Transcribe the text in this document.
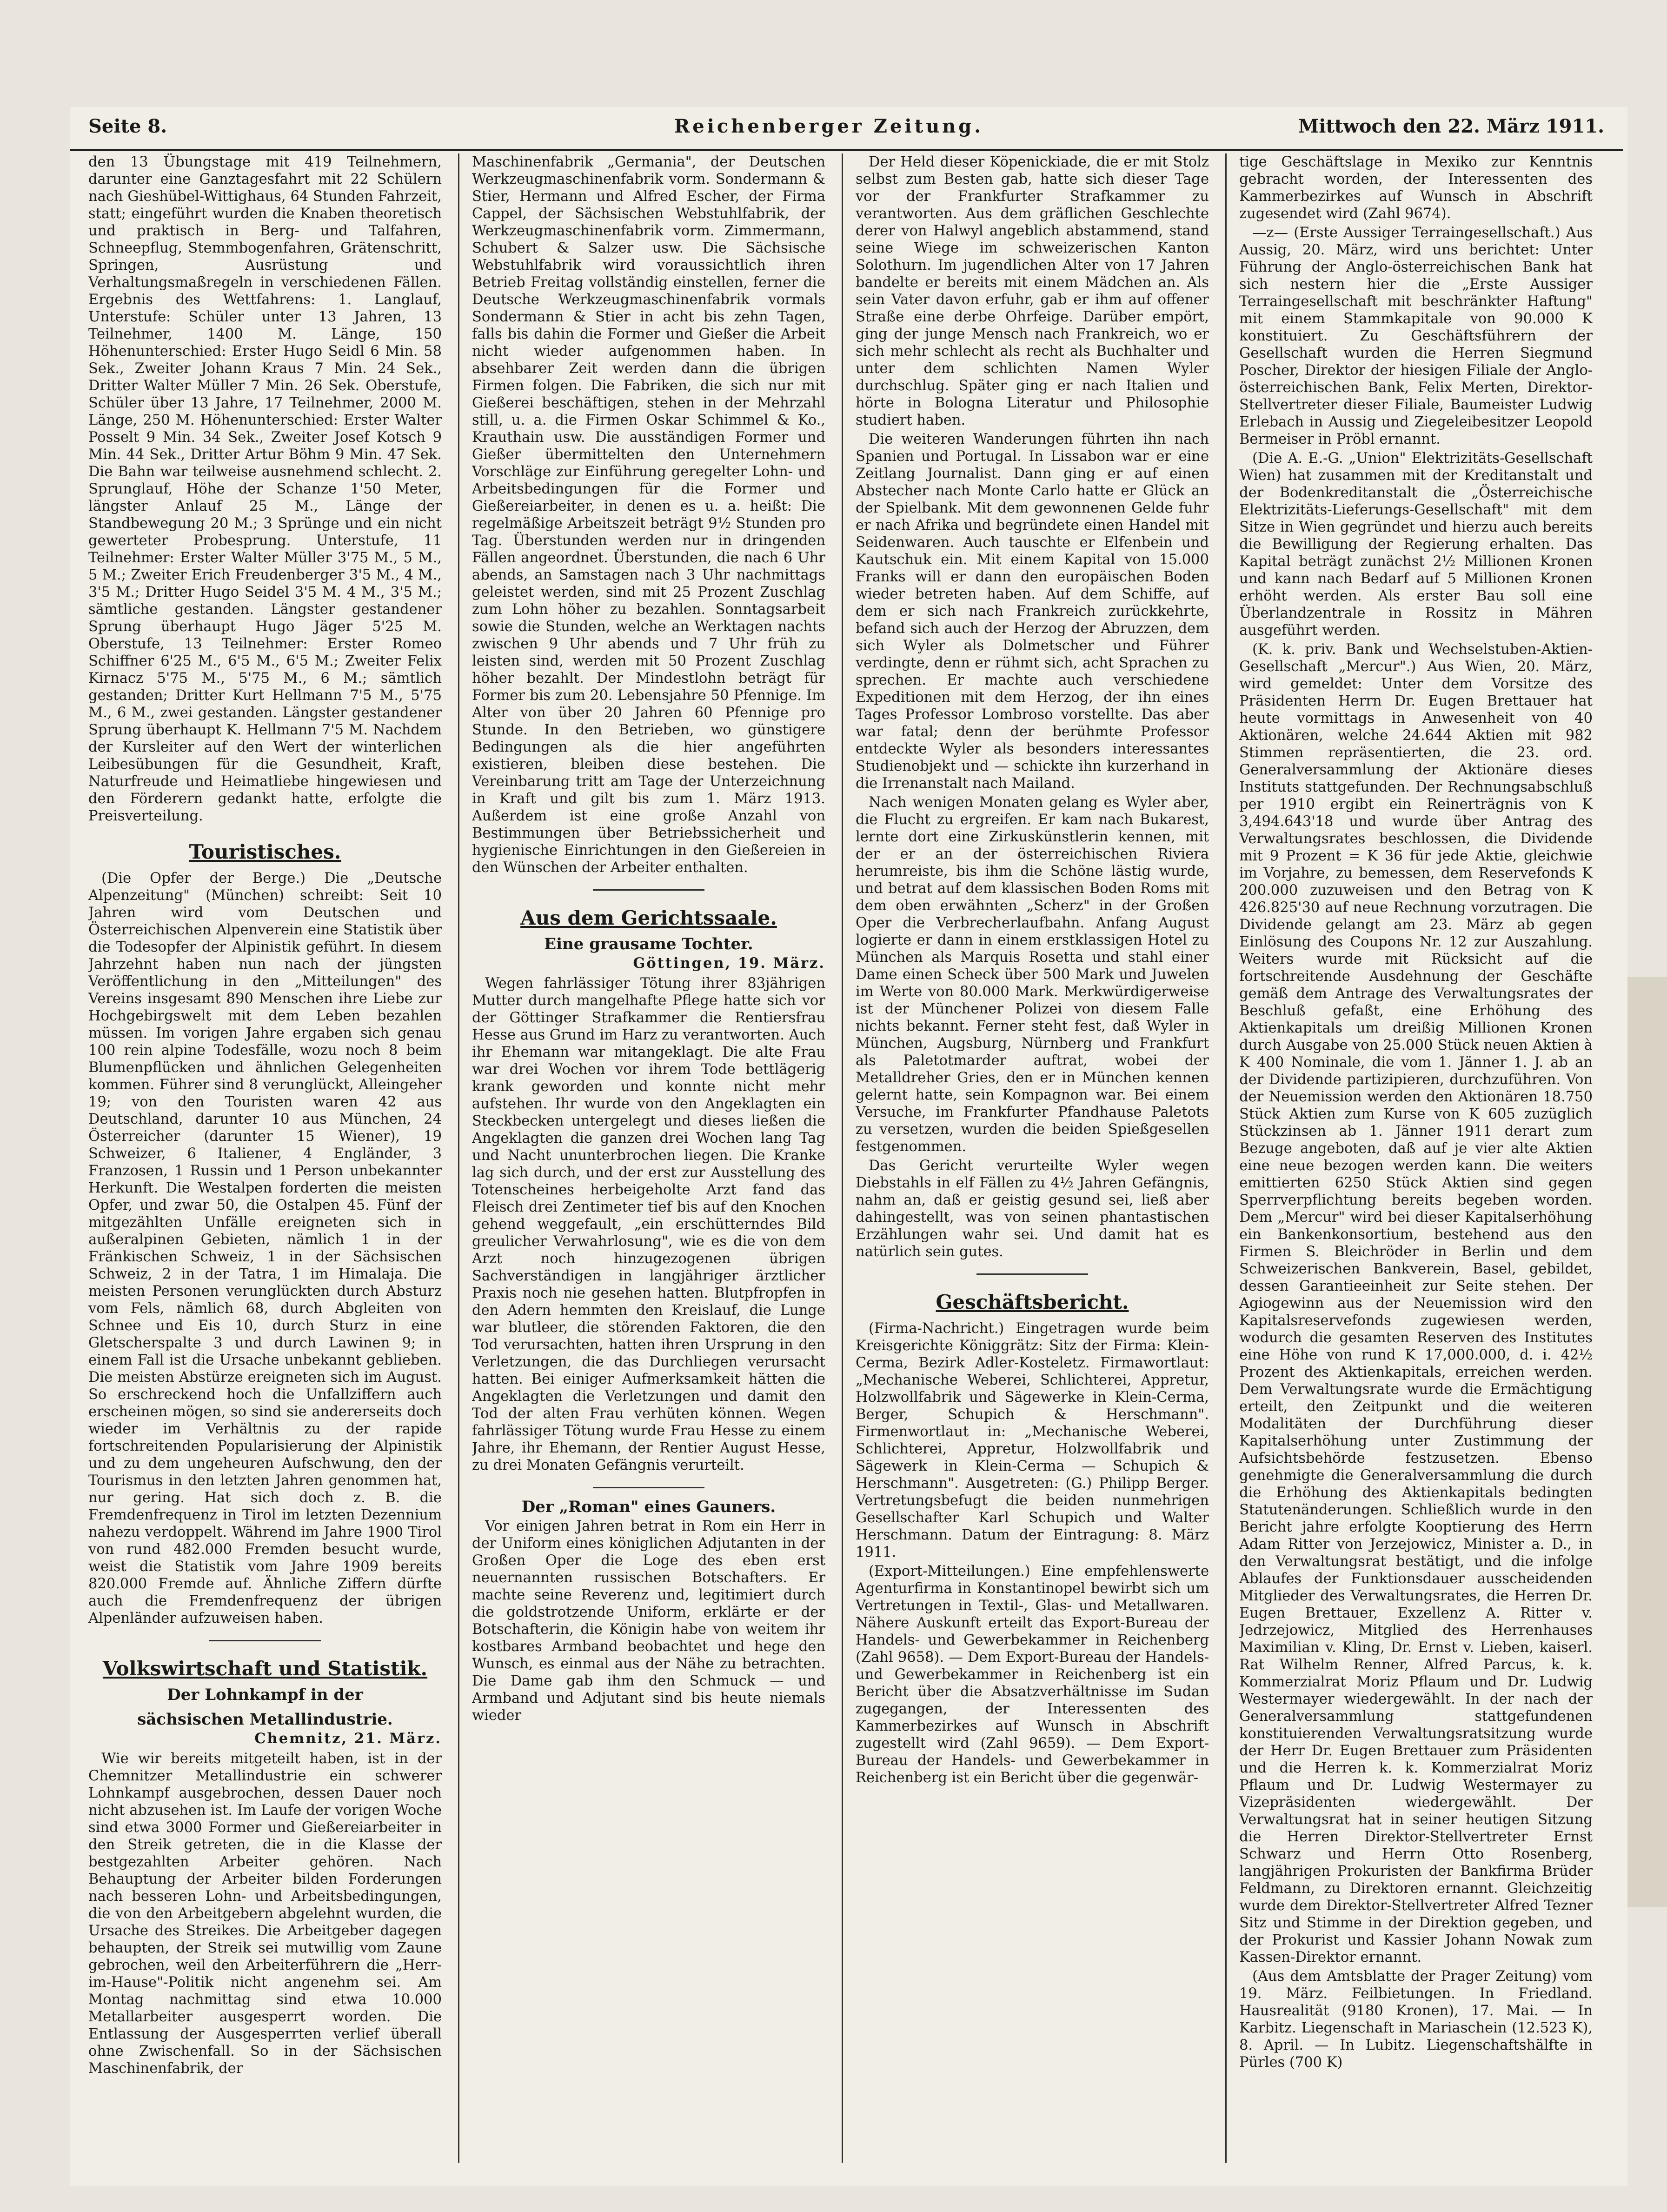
Seite 8.	Reichenberger Zeitung.	Mittwoch den 22. März 1911.

den 13 Übungstage mit 419 Teilnehmern, darunter eine Ganztagesfahrt mit 22 Schülern nach Gieshübel-Wittighaus, 64 Stunden Fahrzeit, statt; eingeführt wurden die Knaben theoretisch und praktisch in Berg- und Talfahren, Schneepflug, Stemmbogenfahren, Grätenschritt, Springen, Ausrüstung und Verhaltungsmaßregeln in verschiedenen Fällen. Ergebnis des Wettfahrens: 1. Langlauf, Unterstufe: Schüler unter 13 Jahren, 13 Teilnehmer, 1400 M. Länge, 150 Höhenunterschied: Erster Hugo Seidl 6 Min. 58 Sek., Zweiter Johann Kraus 7 Min. 24 Sek., Dritter Walter Müller 7 Min. 26 Sek. Oberstufe, Schüler über 13 Jahre, 17 Teilnehmer, 2000 M. Länge, 250 M. Höhenunterschied: Erster Walter Posselt 9 Min. 34 Sek., Zweiter Josef Kotsch 9 Min. 44 Sek., Dritter Artur Böhm 9 Min. 47 Sek. Die Bahn war teilweise ausnehmend schlecht. 2. Sprunglauf, Höhe der Schanze 1'50 Meter, längster Anlauf 25 M., Länge der Standbewegung 20 M.; 3 Sprünge und ein nicht gewerteter Probesprung. Unterstufe, 11 Teilnehmer: Erster Walter Müller 3'75 M., 5 M., 5 M.; Zweiter Erich Freudenberger 3'5 M., 4 M., 3'5 M.; Dritter Hugo Seidel 3'5 M. 4 M., 3'5 M.; sämtliche gestanden. Längster gestandener Sprung überhaupt Hugo Jäger 5'25 M. Oberstufe, 13 Teilnehmer: Erster Romeo Schiffner 6'25 M., 6'5 M., 6'5 M.; Zweiter Felix Kirnacz 5'75 M., 5'75 M., 6 M.; sämtlich gestanden; Dritter Kurt Hellmann 7'5 M., 5'75 M., 6 M., zwei gestanden. Längster gestandener Sprung überhaupt K. Hellmann 7'5 M. Nachdem der Kursleiter auf den Wert der winterlichen Leibesübungen für die Gesundheit, Kraft, Naturfreude und Heimatliebe hingewiesen und den Förderern gedankt hatte, erfolgte die Preisverteilung.

Touristisches.

(Die Opfer der Berge.) Die „Deutsche Alpenzeitung" (München) schreibt: Seit 10 Jahren wird vom Deutschen und Österreichischen Alpenverein eine Statistik über die Todesopfer der Alpinistik geführt. In diesem Jahrzehnt haben nun nach der jüngsten Veröffentlichung in den „Mitteilungen" des Vereins insgesamt 890 Menschen ihre Liebe zur Hochgebirgswelt mit dem Leben bezahlen müssen. Im vorigen Jahre ergaben sich genau 100 rein alpine Todesfälle, wozu noch 8 beim Blumenpflücken und ähnlichen Gelegenheiten kommen. Führer sind 8 verunglückt, Alleingeher 19; von den Touristen waren 42 aus Deutschland, darunter 10 aus München, 24 Österreicher (darunter 15 Wiener), 19 Schweizer, 6 Italiener, 4 Engländer, 3 Franzosen, 1 Russin und 1 Person unbekannter Herkunft. Die Westalpen forderten die meisten Opfer, und zwar 50, die Ostalpen 45. Fünf der mitgezählten Unfälle ereigneten sich in außeralpinen Gebieten, nämlich 1 in der Fränkischen Schweiz, 1 in der Sächsischen Schweiz, 2 in der Tatra, 1 im Himalaja. Die meisten Personen verunglückten durch Absturz vom Fels, nämlich 68, durch Abgleiten von Schnee und Eis 10, durch Sturz in eine Gletscherspalte 3 und durch Lawinen 9; in einem Fall ist die Ursache unbekannt geblieben. Die meisten Abstürze ereigneten sich im August. So erschreckend hoch die Unfallziffern auch erscheinen mögen, so sind sie andererseits doch wieder im Verhältnis zu der rapide fortschreitenden Popularisierung der Alpinistik und zu dem ungeheuren Aufschwung, den der Tourismus in den letzten Jahren genommen hat, nur gering. Hat sich doch z. B. die Fremdenfrequenz in Tirol im letzten Dezennium nahezu verdoppelt. Während im Jahre 1900 Tirol von rund 482.000 Fremden besucht wurde, weist die Statistik vom Jahre 1909 bereits 820.000 Fremde auf. Ähnliche Ziffern dürfte auch die Fremdenfrequenz der übrigen Alpenländer aufzuweisen haben.

Volkswirtschaft und Statistik.
Der Lohnkampf in der
sächsischen Metallindustrie.
Chemnitz, 21. März.

Wie wir bereits mitgeteilt haben, ist in der Chemnitzer Metallindustrie ein schwerer Lohnkampf ausgebrochen, dessen Dauer noch nicht abzusehen ist. Im Laufe der vorigen Woche sind etwa 3000 Former und Gießereiarbeiter in den Streik getreten, die in die Klasse der bestgezahlten Arbeiter gehören. Nach Behauptung der Arbeiter bilden Forderungen nach besseren Lohn- und Arbeitsbedingungen, die von den Arbeitgebern abgelehnt wurden, die Ursache des Streikes. Die Arbeitgeber dagegen behaupten, der Streik sei mutwillig vom Zaune gebrochen, weil den Arbeiterführern die „Herr-im-Hause"-Politik nicht angenehm sei. Am Montag nachmittag sind etwa 10.000 Metallarbeiter ausgesperrt worden. Die Entlassung der Ausgesperrten verlief überall ohne Zwischenfall. So in der Sächsischen Maschinenfabrik, der

Maschinenfabrik „Germania", der Deutschen Werkzeugmaschinenfabrik vorm. Sondermann & Stier, Hermann und Alfred Escher, der Firma Cappel, der Sächsischen Webstuhlfabrik, der Werkzeugmaschinenfabrik vorm. Zimmermann, Schubert & Salzer usw. Die Sächsische Webstuhlfabrik wird voraussichtlich ihren Betrieb Freitag vollständig einstellen, ferner die Deutsche Werkzeugmaschinenfabrik vormals Sondermann & Stier in acht bis zehn Tagen, falls bis dahin die Former und Gießer die Arbeit nicht wieder aufgenommen haben. In absehbarer Zeit werden dann die übrigen Firmen folgen. Die Fabriken, die sich nur mit Gießerei beschäftigen, stehen in der Mehrzahl still, u. a. die Firmen Oskar Schimmel & Ko., Krauthain usw. Die ausständigen Former und Gießer übermittelten den Unternehmern Vorschläge zur Einführung geregelter Lohn- und Arbeitsbedingungen für die Former und Gießereiarbeiter, in denen es u. a. heißt: Die regelmäßige Arbeitszeit beträgt 9½ Stunden pro Tag. Überstunden werden nur in dringenden Fällen angeordnet. Überstunden, die nach 6 Uhr abends, an Samstagen nach 3 Uhr nachmittags geleistet werden, sind mit 25 Prozent Zuschlag zum Lohn höher zu bezahlen. Sonntagsarbeit sowie die Stunden, welche an Werktagen nachts zwischen 9 Uhr abends und 7 Uhr früh zu leisten sind, werden mit 50 Prozent Zuschlag höher bezahlt. Der Mindestlohn beträgt für Former bis zum 20. Lebensjahre 50 Pfennige. Im Alter von über 20 Jahren 60 Pfennige pro Stunde. In den Betrieben, wo günstigere Bedingungen als die hier angeführten existieren, bleiben diese bestehen. Die Vereinbarung tritt am Tage der Unterzeichnung in Kraft und gilt bis zum 1. März 1913. Außerdem ist eine große Anzahl von Bestimmungen über Betriebssicherheit und hygienische Einrichtungen in den Gießereien in den Wünschen der Arbeiter enthalten.

Aus dem Gerichtssaale.
Eine grausame Tochter.
Göttingen, 19. März.

Wegen fahrlässiger Tötung ihrer 83jährigen Mutter durch mangelhafte Pflege hatte sich vor der Göttinger Strafkammer die Rentiersfrau Hesse aus Grund im Harz zu verantworten. Auch ihr Ehemann war mitangeklagt. Die alte Frau war drei Wochen vor ihrem Tode bettlägerig krank geworden und konnte nicht mehr aufstehen. Ihr wurde von den Angeklagten ein Steckbecken untergelegt und dieses ließen die Angeklagten die ganzen drei Wochen lang Tag und Nacht ununterbrochen liegen. Die Kranke lag sich durch, und der erst zur Ausstellung des Totenscheines herbeigeholte Arzt fand das Fleisch drei Zentimeter tief bis auf den Knochen gehend weggefault, „ein erschütterndes Bild greulicher Verwahrlosung", wie es die von dem Arzt noch hinzugezogenen übrigen Sachverständigen in langjähriger ärztlicher Praxis noch nie gesehen hatten. Blutpfropfen in den Adern hemmten den Kreislauf, die Lunge war blutleer, die störenden Faktoren, die den Tod verursachten, hatten ihren Ursprung in den Verletzungen, die das Durchliegen verursacht hatten. Bei einiger Aufmerksamkeit hätten die Angeklagten die Verletzungen und damit den Tod der alten Frau verhüten können. Wegen fahrlässiger Tötung wurde Frau Hesse zu einem Jahre, ihr Ehemann, der Rentier August Hesse, zu drei Monaten Gefängnis verurteilt.

Der „Roman" eines Gauners.

Vor einigen Jahren betrat in Rom ein Herr in der Uniform eines königlichen Adjutanten in der Großen Oper die Loge des eben erst neuernannten russischen Botschafters. Er machte seine Reverenz und, legitimiert durch die goldstrotzende Uniform, erklärte er der Botschafterin, die Königin habe von weitem ihr kostbares Armband beobachtet und hege den Wunsch, es einmal aus der Nähe zu betrachten. Die Dame gab ihm den Schmuck — und Armband und Adjutant sind bis heute niemals wieder

Der Held dieser Köpenickiade, die er mit Stolz selbst zum Besten gab, hatte sich dieser Tage vor der Frankfurter Strafkammer zu verantworten. Aus dem gräflichen Geschlechte derer von Halwyl angeblich abstammend, stand seine Wiege im schweizerischen Kanton Solothurn. Im jugendlichen Alter von 17 Jahren bandelte er bereits mit einem Mädchen an. Als sein Vater davon erfuhr, gab er ihm auf offener Straße eine derbe Ohrfeige. Darüber empört, ging der junge Mensch nach Frankreich, wo er sich mehr schlecht als recht als Buchhalter und unter dem schlichten Namen Wyler durchschlug. Später ging er nach Italien und hörte in Bologna Literatur und Philosophie studiert haben.

Die weiteren Wanderungen führten ihn nach Spanien und Portugal. In Lissabon war er eine Zeitlang Journalist. Dann ging er auf einen Abstecher nach Monte Carlo hatte er Glück an der Spielbank. Mit dem gewonnenen Gelde fuhr er nach Afrika und begründete einen Handel mit Seidenwaren. Auch tauschte er Elfenbein und Kautschuk ein. Mit einem Kapital von 15.000 Franks will er dann den europäischen Boden wieder betreten haben. Auf dem Schiffe, auf dem er sich nach Frankreich zurückkehrte, befand sich auch der Herzog der Abruzzen, dem sich Wyler als Dolmetscher und Führer verdingte, denn er rühmt sich, acht Sprachen zu sprechen. Er machte auch verschiedene Expeditionen mit dem Herzog, der ihn eines Tages Professor Lombroso vorstellte. Das aber war fatal; denn der berühmte Professor entdeckte Wyler als besonders interessantes Studienobjekt und — schickte ihn kurzerhand in die Irrenanstalt nach Mailand.

Nach wenigen Monaten gelang es Wyler aber, die Flucht zu ergreifen. Er kam nach Bukarest, lernte dort eine Zirkuskünstlerin kennen, mit der er an der österreichischen Riviera herumreiste, bis ihm die Schöne lästig wurde, und betrat auf dem klassischen Boden Roms mit dem oben erwähnten „Scherz" in der Großen Oper die Verbrecherlaufbahn. Anfang August logierte er dann in einem erstklassigen Hotel zu München als Marquis Rosetta und stahl einer Dame einen Scheck über 500 Mark und Juwelen im Werte von 80.000 Mark. Merkwürdigerweise ist der Münchener Polizei von diesem Falle nichts bekannt. Ferner steht fest, daß Wyler in München, Augsburg, Nürnberg und Frankfurt als Paletotmarder auftrat, wobei der Metalldreher Gries, den er in München kennen gelernt hatte, sein Kompagnon war. Bei einem Versuche, im Frankfurter Pfandhause Paletots zu versetzen, wurden die beiden Spießgesellen festgenommen.

Das Gericht verurteilte Wyler wegen Diebstahls in elf Fällen zu 4½ Jahren Gefängnis, nahm an, daß er geistig gesund sei, ließ aber dahingestellt, was von seinen phantastischen Erzählungen wahr sei. Und damit hat es natürlich sein gutes.

Geschäftsbericht.

(Firma-Nachricht.) Eingetragen wurde beim Kreisgerichte Königgrätz: Sitz der Firma: Klein-Cerma, Bezirk Adler-Kosteletz. Firmawortlaut: „Mechanische Weberei, Schlichterei, Appretur, Holzwollfabrik und Sägewerke in Klein-Cerma, Berger, Schupich & Herschmann". Firmenwortlaut in: „Mechanische Weberei, Schlichterei, Appretur, Holzwollfabrik und Sägewerk in Klein-Cerma — Schupich & Herschmann". Ausgetreten: (G.) Philipp Berger. Vertretungsbefugt die beiden nunmehrigen Gesellschafter Karl Schupich und Walter Herschmann. Datum der Eintragung: 8. März 1911.

(Export-Mitteilungen.) Eine empfehlenswerte Agenturfirma in Konstantinopel bewirbt sich um Vertretungen in Textil-, Glas- und Metallwaren. Nähere Auskunft erteilt das Export-Bureau der Handels- und Gewerbekammer in Reichenberg (Zahl 9658). — Dem Export-Bureau der Handels- und Gewerbekammer in Reichenberg ist ein Bericht über die Absatzverhältnisse im Sudan zugegangen, der Interessenten des Kammerbezirkes auf Wunsch in Abschrift zugestellt wird (Zahl 9659). — Dem Export-Bureau der Handels- und Gewerbekammer in Reichenberg ist ein Bericht über die gegenwär-

tige Geschäftslage in Mexiko zur Kenntnis gebracht worden, der Interessenten des Kammerbezirkes auf Wunsch in Abschrift zugesendet wird (Zahl 9674).

—z— (Erste Aussiger Terraingesellschaft.) Aus Aussig, 20. März, wird uns berichtet: Unter Führung der Anglo-österreichischen Bank hat sich nestern hier die „Erste Aussiger Terraingesellschaft mit beschränkter Haftung" mit einem Stammkapitale von 90.000 K konstituiert. Zu Geschäftsführern der Gesellschaft wurden die Herren Siegmund Poscher, Direktor der hiesigen Filiale der Anglo-österreichischen Bank, Felix Merten, Direktor-Stellvertreter dieser Filiale, Baumeister Ludwig Erlebach in Aussig und Ziegeleibesitzer Leopold Bermeiser in Pröbl ernannt.

(Die A. E.-G. „Union" Elektrizitäts-Gesellschaft Wien) hat zusammen mit der Kreditanstalt und der Bodenkreditanstalt die „Österreichische Elektrizitäts-Lieferungs-Gesellschaft" mit dem Sitze in Wien gegründet und hierzu auch bereits die Bewilligung der Regierung erhalten. Das Kapital beträgt zunächst 2½ Millionen Kronen und kann nach Bedarf auf 5 Millionen Kronen erhöht werden. Als erster Bau soll eine Überlandzentrale in Rossitz in Mähren ausgeführt werden.

(K. k. priv. Bank und Wechselstuben-Aktien-Gesellschaft „Mercur".) Aus Wien, 20. März, wird gemeldet: Unter dem Vorsitze des Präsidenten Herrn Dr. Eugen Brettauer hat heute vormittags in Anwesenheit von 40 Aktionären, welche 24.644 Aktien mit 982 Stimmen repräsentierten, die 23. ord. Generalversammlung der Aktionäre dieses Instituts stattgefunden. Der Rechnungsabschluß per 1910 ergibt ein Reinerträgnis von K 3,494.643'18 und wurde über Antrag des Verwaltungsrates beschlossen, die Dividende mit 9 Prozent = K 36 für jede Aktie, gleichwie im Vorjahre, zu bemessen, dem Reservefonds K 200.000 zuzuweisen und den Betrag von K 426.825'30 auf neue Rechnung vorzutragen. Die Dividende gelangt am 23. März ab gegen Einlösung des Coupons Nr. 12 zur Auszahlung. Weiters wurde mit Rücksicht auf die fortschreitende Ausdehnung der Geschäfte gemäß dem Antrage des Verwaltungsrates der Beschluß gefaßt, eine Erhöhung des Aktienkapitals um dreißig Millionen Kronen durch Ausgabe von 25.000 Stück neuen Aktien à K 400 Nominale, die vom 1. Jänner 1. J. ab an der Dividende partizipieren, durchzuführen. Von der Neuemission werden den Aktionären 18.750 Stück Aktien zum Kurse von K 605 zuzüglich Stückzinsen ab 1. Jänner 1911 derart zum Bezuge angeboten, daß auf je vier alte Aktien eine neue bezogen werden kann. Die weiters emittierten 6250 Stück Aktien sind gegen Sperrverpflichtung bereits begeben worden. Dem „Mercur" wird bei dieser Kapitalserhöhung ein Bankenkonsortium, bestehend aus den Firmen S. Bleichröder in Berlin und dem Schweizerischen Bankverein, Basel, gebildet, dessen Garantieeinheit zur Seite stehen. Der Agiogewinn aus der Neuemission wird den Kapitalsreservefonds zugewiesen werden, wodurch die gesamten Reserven des Institutes eine Höhe von rund K 17,000.000, d. i. 42½ Prozent des Aktienkapitals, erreichen werden. Dem Verwaltungsrate wurde die Ermächtigung erteilt, den Zeitpunkt und die weiteren Modalitäten der Durchführung dieser Kapitalserhöhung unter Zustimmung der Aufsichtsbehörde festzusetzen. Ebenso genehmigte die Generalversammlung die durch die Erhöhung des Aktienkapitals bedingten Statutenänderungen. Schließlich wurde in den Bericht jahre erfolgte Kooptierung des Herrn Adam Ritter von Jerzejowicz, Minister a. D., in den Verwaltungsrat bestätigt, und die infolge Ablaufes der Funktionsdauer ausscheidenden Mitglieder des Verwaltungsrates, die Herren Dr. Eugen Brettauer, Exzellenz A. Ritter v. Jedrzejowicz, Mitglied des Herrenhauses Maximilian v. Kling, Dr. Ernst v. Lieben, kaiserl. Rat Wilhelm Renner, Alfred Parcus, k. k. Kommerzialrat Moriz Pflaum und Dr. Ludwig Westermayer wiedergewählt. In der nach der Generalversammlung stattgefundenen konstituierenden Verwaltungsratsitzung wurde der Herr Dr. Eugen Brettauer zum Präsidenten und die Herren k. k. Kommerzialrat Moriz Pflaum und Dr. Ludwig Westermayer zu Vizepräsidenten wiedergewählt. Der Verwaltungsrat hat in seiner heutigen Sitzung die Herren Direktor-Stellvertreter Ernst Schwarz und Herrn Otto Rosenberg, langjährigen Prokuristen der Bankfirma Brüder Feldmann, zu Direktoren ernannt. Gleichzeitig wurde dem Direktor-Stellvertreter Alfred Tezner Sitz und Stimme in der Direktion gegeben, und der Prokurist und Kassier Johann Nowak zum Kassen-Direktor ernannt.

(Aus dem Amtsblatte der Prager Zeitung) vom 19. März. Feilbietungen. In Friedland. Hausrealität (9180 Kronen), 17. Mai. — In Karbitz. Liegenschaft in Mariaschein (12.523 K), 8. April. — In Lubitz. Liegenschaftshälfte in Pürles (700 K)
